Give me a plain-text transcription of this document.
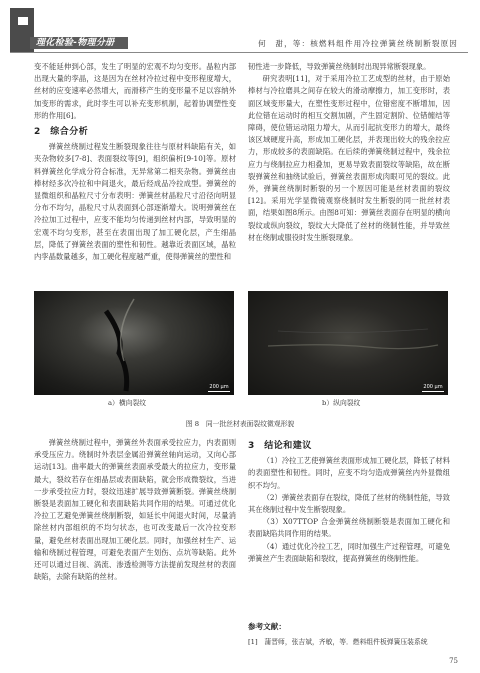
理化检验-物理分册	何　甜，等：核燃料组件用冷拉弹簧丝绕制断裂原因

变不能延伸到心部，发生了明显的宏观不均匀变形。晶粒内部出现大量的孪晶，这是因为在丝材冷拉过程中变形程度增大，丝材的应变速率必然增大，而滑移产生的变形量不足以容纳外加变形的需求，此时孪生可以补充变形机制，起着协调塑性变形的作用[6]。

2　综合分析

弹簧丝绕制过程发生断裂现象往往与原材料缺陷有关，如夹杂物较多[7-8]、表面裂纹等[9]，组织偏析[9-10]等。原材料弹簧丝化学成分符合标准，无异常第二相夹杂物。弹簧丝由棒材经多次冷拉和中间退火，最后经成品冷拉成型。弹簧丝的显微组织和晶粒尺寸分布表明：弹簧丝材晶粒尺寸沿径向明显分布不均匀，晶粒尺寸从表面到心部逐渐增大。说明弹簧丝在冷拉加工过程中，应变不能均匀传递到丝材内部，导致明显的宏观不均匀变形，甚至在表面出现了加工硬化层，产生细晶层，降低了弹簧丝表面的塑性和韧性。越靠近表面区域，晶粒内孪晶数量越多，加工硬化程度越严重，使得弹簧丝的塑性和

韧性进一步降低，导致弹簧丝绕制时出现异常断裂现象。

研究表明[11]，对于采用冷拉工艺成型的丝材，由于原始棒材与冷拉磨具之间存在较大的滑动摩擦力，加工变形时，表面区域变形量大，在塑性变形过程中，位错密度不断增加，因此位错在运动时的相互交割加剧，产生固定割阶、位错缠结等障碍，使位错运动阻力增大，从而引起抗变形力的增大，最终该区域硬度升高，形成加工硬化层，并表现出较大的残余拉应力，形成较多的表面缺陷。在后续的弹簧绕制过程中，残余拉应力与绕制拉应力相叠加，更易导致表面裂纹等缺陷，故在断裂弹簧丝和抽绕试验后，弹簧丝表面形成肉眼可见的裂纹。此外，弹簧丝绕制时断裂的另一个原因可能是丝材表面的裂纹[12]。采用光学显微镜观察绕制时发生断裂的同一批丝材表面，结果如图8所示。由图8可知：弹簧丝表面存在明显的横向裂纹或纵向裂纹，裂纹大大降低了丝材的绕制性能，并导致丝材在绕制或服役时发生断裂现象。

200 μm	200 μm
a）横向裂纹	b）纵向裂纹
图 8　同一批丝材表面裂纹微观形貌

弹簧丝绕制过程中，弹簧丝外表面承受拉应力，内表面则承受压应力。绕制时外表层金属沿弹簧丝轴向运动，又向心部运动[13]。曲率最大的弹簧丝表面承受最大的拉应力，变形量最大，裂纹若存在细晶层或表面缺陷，就会形成微裂纹，当进一步承受拉应力时，裂纹迅速扩展导致弹簧断裂。弹簧丝绕制断裂是表面加工硬化和表面缺陷共同作用的结果。可通过优化冷拉工艺避免弹簧丝绕制断裂，如延长中间退火时间，尽量消除丝材内部组织的不均匀状态，也可改变最后一次冷拉变形量，避免丝材表面出现加工硬化层。同时，加强丝材生产、运输和绕制过程管理，可避免表面产生划伤、点坑等缺陷。此外还可以通过目视、涡流、渗透检测等方法提前发现丝材的表面缺陷，去除有缺陷的丝材。

3　结论和建议

（1）冷拉工艺使弹簧丝表面形成加工硬化层，降低了材料的表面塑性和韧性。同时，应变不均匀造成弹簧丝内外显微组织不均匀。

（2）弹簧丝表面存在裂纹，降低了丝材的绕制性能，导致其在绕制过程中发生断裂现象。

（3）X07TTOP 合金弹簧丝绕制断裂是表面加工硬化和表面缺陷共同作用的结果。

（4）通过优化冷拉工艺，同时加强生产过程管理，可避免弹簧丝产生表面缺陷和裂纹，提高弹簧丝的绕制性能。

参考文献：
[1]　蒲晋师，张吉斌，齐敏，等．燃料组件板弹簧压装系统
75
